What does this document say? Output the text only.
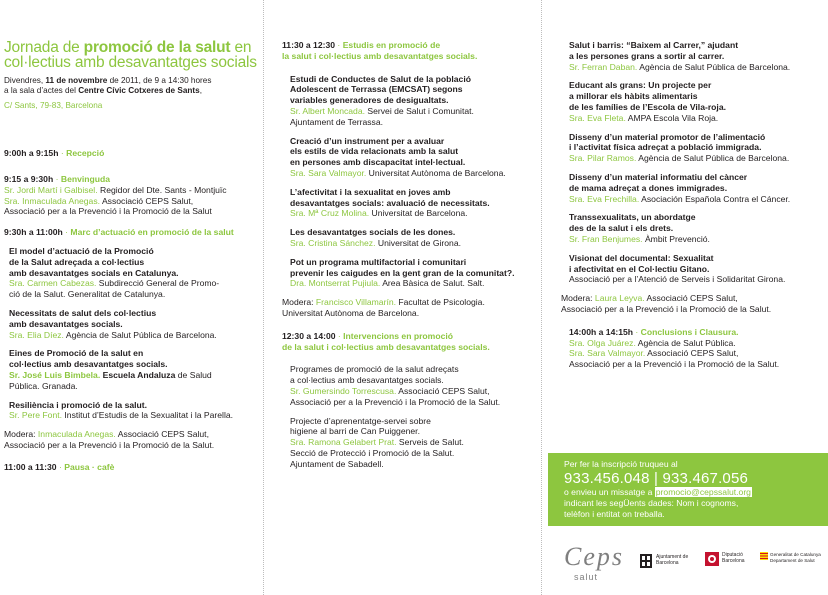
Jornada de promoció de la salut en
col·lectius amb desavantatges socials
Divendres, 11 de novembre de 2011, de 9 a 14:30 hores
a la sala d’actes del Centre Cívic Cotxeres de Sants,
C/ Sants, 79-83, Barcelona
9:00h a 9:15h · Recepció
9:15 a 9:30h · Benvinguda
Sr. Jordi Martí i Galbisel. Regidor del Dte. Sants - Montjuïc
Sra. Inmaculada Anegas. Associació CEPS Salut,
Associació per a la Prevenció i la Promoció de la Salut
9:30h a 11:00h · Marc d’actuació en promoció de la salut
El model d’actuació de la Promoció
de la Salut adreçada a col·lectius
amb desavantatges socials en Catalunya.
Sra. Carmen Cabezas. Subdirecció General de Promo-
ció de la Salut. Generalitat de Catalunya.
Necessitats de salut dels col·lectius
amb desavantatges socials.
Sra. Elia Díez. Agència de Salut Pública de Barcelona.
Eines de Promoció de la salut en
col·lectius amb desavantatges socials.
Sr. José Luis Bimbela. Escuela Andaluza de Salud
Pública. Granada.
Resiliència i promoció de la salut.
Sr. Pere Font. Institut d’Estudis de la Sexualitat i la Parella.
Modera: Inmaculada Anegas. Associació CEPS Salut,
Associació per a la Prevenció i la Promoció de la Salut.
11:00 a 11:30 · Pausa · cafè
11:30 a 12:30 · Estudis en promoció de
la salut i col·lectius amb desavantatges socials.
Estudi de Conductes de Salut de la població
Adolescent de Terrassa (EMCSAT) segons
variables generadores de desigualtats.
Sr. Albert Moncada. Servei de Salut i Comunitat.
Ajuntament de Terrassa.
Creació d’un instrument per a avaluar
els estils de vida relacionats amb la salut
en persones amb discapacitat intel·lectual.
Sra. Sara Valmayor. Universitat Autònoma de Barcelona.
L’afectivitat i la sexualitat en joves amb
desavantatges socials: avaluació de necessitats.
Sra. Mª Cruz Molina. Universitat de Barcelona.
Les desavantatges socials de les dones.
Sra. Cristina Sánchez. Universitat de Girona.
Pot un programa multifactorial i comunitari
prevenir les caigudes en la gent gran de la comunitat?.
Dra. Montserrat Pujiula. Area Bàsica de Salut. Salt.
Modera: Francisco Villamarín. Facultat de Psicologia.
Universitat Autònoma de Barcelona.
12:30 a 14:00 · Intervencions en promoció
de la salut i col·lectius amb desavantatges socials.
Programes de promoció de la salut adreçats
a col·lectius amb desavantatges socials.
Sr. Gumersindo Torrescusa. Associació CEPS Salut,
Associació per a la Prevenció i la Promoció de la Salut.
Projecte d’aprenentatge-servei sobre
higiene al barri de Can Puiggener.
Sra. Ramona Gelabert Prat. Serveis de Salut.
Secció de Protecció i Promoció de la Salut.
Ajuntament de Sabadell.
Salut i barris: “Baixem al Carrer,” ajudant
a les persones grans a sortir al carrer.
Sr. Ferran Daban. Agència de Salut Pública de Barcelona.
Educant als grans: Un projecte per
a millorar els hàbits alimentaris
de les famílies de l’Escola de Vila-roja.
Sra. Eva Fleta. AMPA Escola Vila Roja.
Disseny d’un material promotor de l’alimentació
i l’activitat física adreçat a població immigrada.
Sra. Pilar Ramos. Agència de Salut Pública de Barcelona.
Disseny d’un material informatiu del càncer
de mama adreçat a dones immigrades.
Sra. Eva Frechilla. Asociación Española Contra el Cáncer.
Transsexualitats, un abordatge
des de la salut i els drets.
Sr. Fran Benjumes. Àmbit Prevenció.
Visionat del documental: Sexualitat
i afectivitat en el Col·lectiu Gitano.
Associació per a l’Atenció de Serveis i Solidaritat Girona.
Modera: Laura Leyva. Associació CEPS Salut,
Associació per a la Prevenció i la Promoció de la Salut.
14:00h a 14:15h · Conclusions i Clausura.
Sra. Olga Juárez. Agència de Salut Pública.
Sra. Sara Valmayor. Associació CEPS Salut,
Associació per a la Prevenció i la Promoció de la Salut.
Per fer la inscripció truqueu al
933.456.048 | 933.467.056
o envieu un missatge a promocio@cepssalut.org
indicant les segÜents dades: Nom i cognoms,
telèfon i entitat on treballa.
Ceps
salut
Ajuntament de Barcelona
Diputació Barcelona
Generalitat de Catalunya Departament de Salut
